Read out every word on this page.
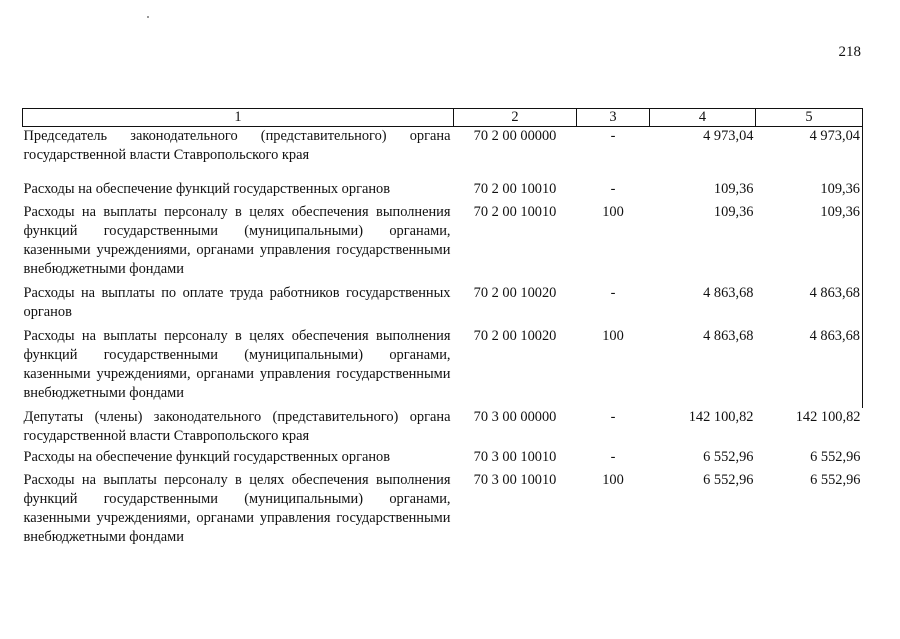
218
1	2	3	4	5
Председатель законодательного (представительного) органа государственной власти Ставропольского края	70 2 00 00000	-	4 973,04	4 973,04
Расходы на обеспечение функций государственных органов	70 2 00 10010	-	109,36	109,36
Расходы на выплаты персоналу в целях обеспечения выполнения функций государственными (муниципальными) органами, казенными учреждениями, органами управления государственными внебюджетными фондами	70 2 00 10010	100	109,36	109,36
Расходы на выплаты по оплате труда работников государственных органов	70 2 00 10020	-	4 863,68	4 863,68
Расходы на выплаты персоналу в целях обеспечения выполнения функций государственными (муниципальными) органами, казенными учреждениями, органами управления государственными внебюджетными фондами	70 2 00 10020	100	4 863,68	4 863,68
Депутаты (члены) законодательного (представительного) органа государственной власти Ставропольского края	70 3 00 00000	-	142 100,82	142 100,82
Расходы на обеспечение функций государственных органов	70 3 00 10010	-	6 552,96	6 552,96
Расходы на выплаты персоналу в целях обеспечения выполнения функций государственными (муниципальными) органами, казенными учреждениями, органами управления государственными внебюджетными фондами	70 3 00 10010	100	6 552,96	6 552,96
